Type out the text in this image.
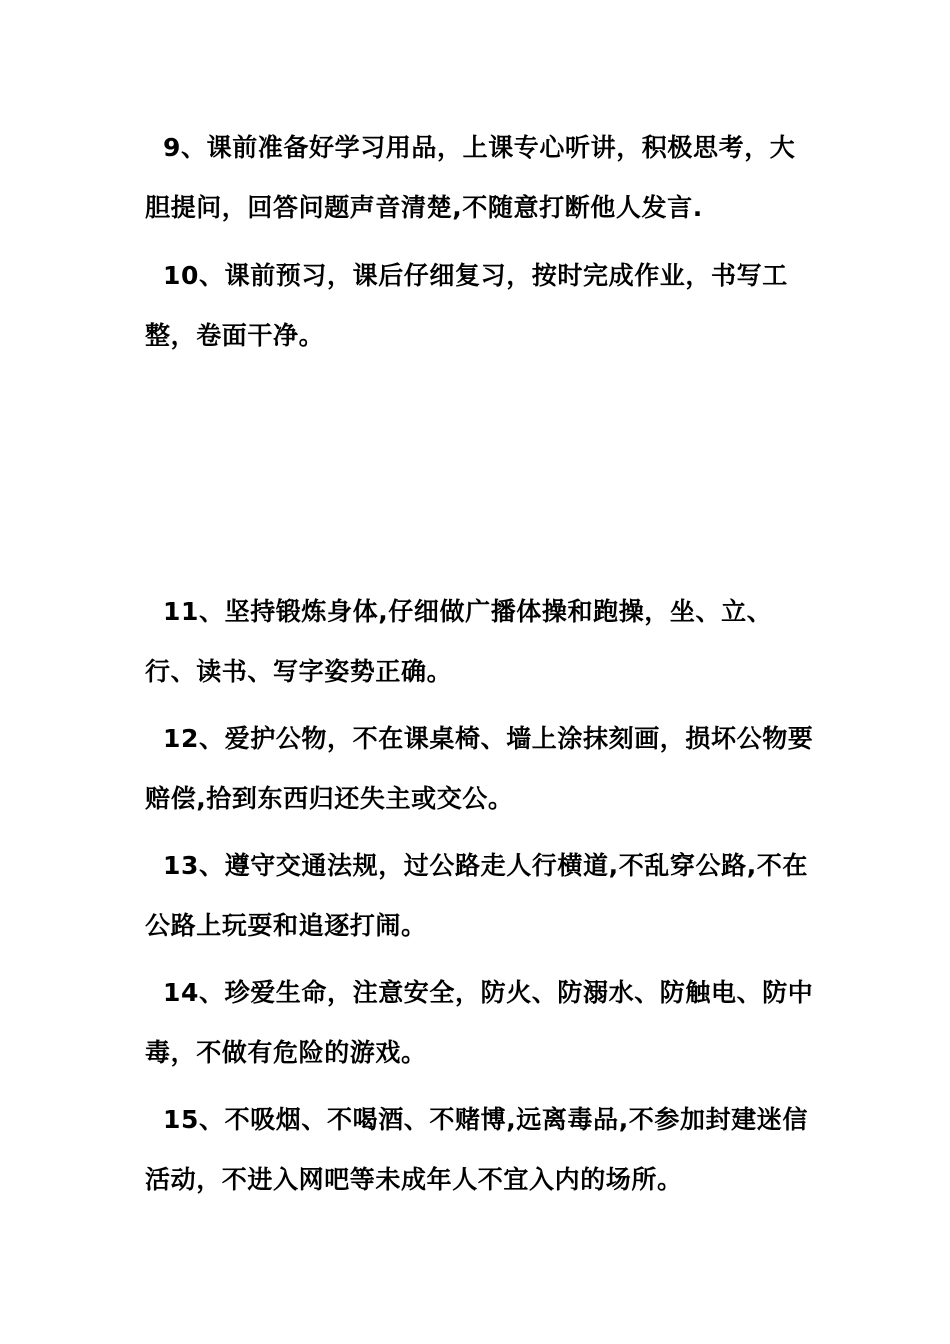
9、课前准备好学习用品，上课专心听讲，积极思考，大胆提问，回答问题声音清楚,不随意打断他人发言.

10、课前预习，课后仔细复习，按时完成作业，书写工整，卷面干净。

11、坚持锻炼身体,仔细做广播体操和跑操，坐、立、行、读书、写字姿势正确。

12、爱护公物，不在课桌椅、墙上涂抹刻画，损坏公物要赔偿,拾到东西归还失主或交公。

13、遵守交通法规，过公路走人行横道,不乱穿公路,不在公路上玩耍和追逐打闹。

14、珍爱生命，注意安全，防火、防溺水、防触电、防中毒，不做有危险的游戏。

15、不吸烟、不喝酒、不赌博,远离毒品,不参加封建迷信活动，不进入网吧等未成年人不宜入内的场所。
